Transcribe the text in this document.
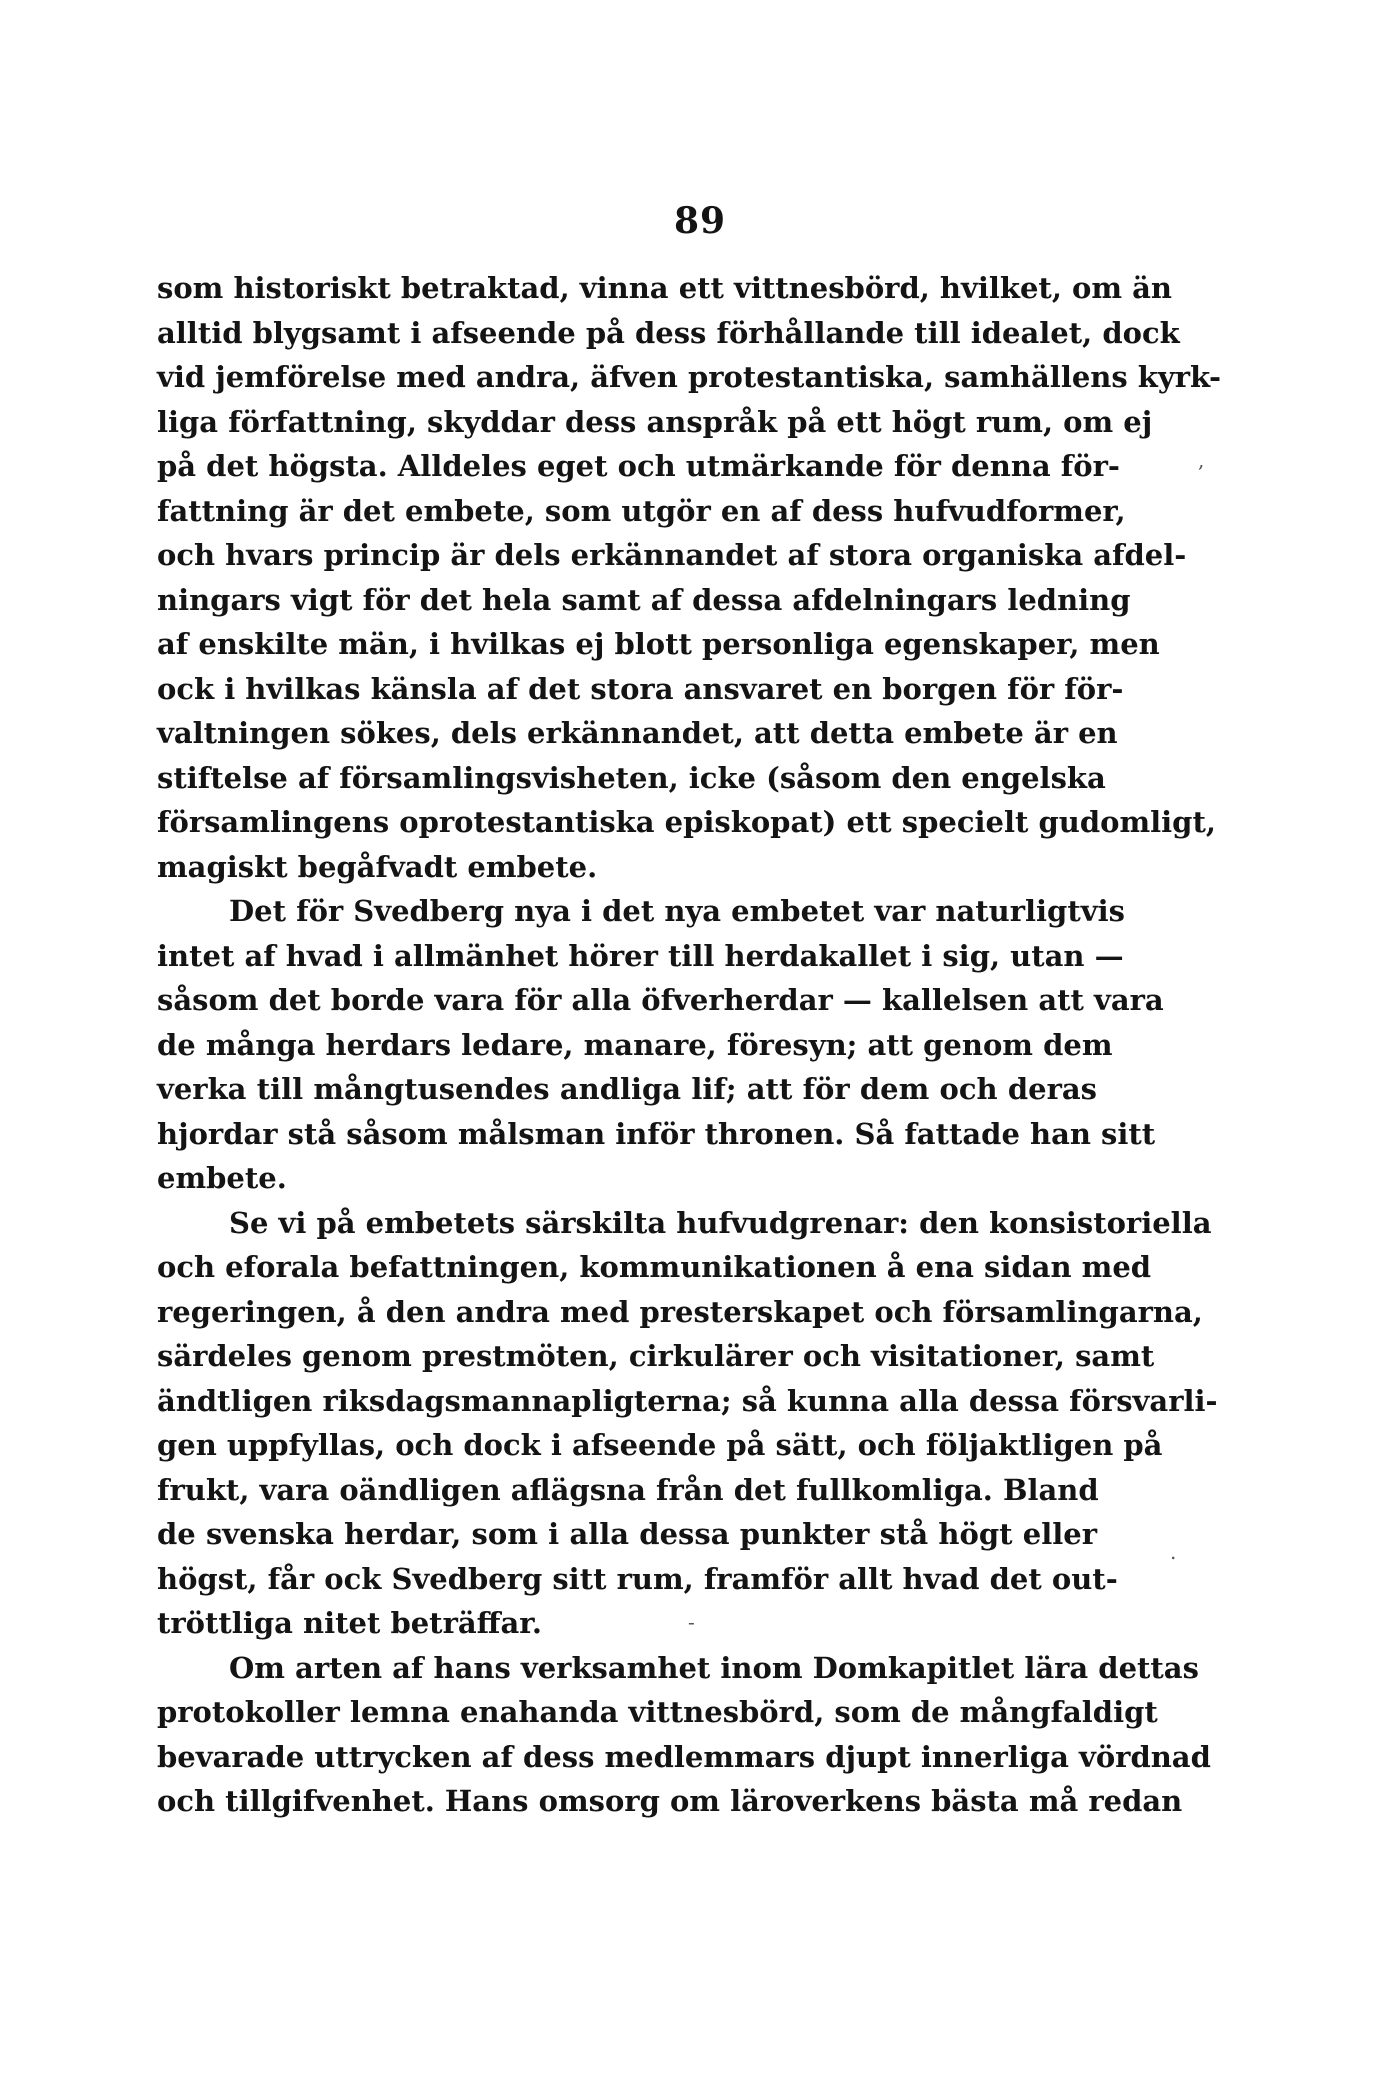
89
som historiskt betraktad, vinna ett vittnesbörd, hvilket, om än
alltid blygsamt i afseende på dess förhållande till idealet, dock
vid jemförelse med andra, äfven protestantiska, samhällens kyrk-
liga författning, skyddar dess anspråk på ett högt rum, om ej
på det högsta. Alldeles eget och utmärkande för denna för-
fattning är det embete, som utgör en af dess hufvudformer,
och hvars princip är dels erkännandet af stora organiska afdel-
ningars vigt för det hela samt af dessa afdelningars ledning
af enskilte män, i hvilkas ej blott personliga egenskaper, men
ock i hvilkas känsla af det stora ansvaret en borgen för för-
valtningen sökes, dels erkännandet, att detta embete är en
stiftelse af församlingsvisheten, icke (såsom den engelska
församlingens oprotestantiska episkopat) ett specielt gudomligt,
magiskt begåfvadt embete.
Det för Svedberg nya i det nya embetet var naturligtvis
intet af hvad i allmänhet hörer till herdakallet i sig, utan —
såsom det borde vara för alla öfverherdar — kallelsen att vara
de många herdars ledare, manare, föresyn; att genom dem
verka till mångtusendes andliga lif; att för dem och deras
hjordar stå såsom målsman inför thronen. Så fattade han sitt
embete.
Se vi på embetets särskilta hufvudgrenar: den konsistoriella
och eforala befattningen, kommunikationen å ena sidan med
regeringen, å den andra med presterskapet och församlingarna,
särdeles genom prestmöten, cirkulärer och visitationer, samt
ändtligen riksdagsmannapligterna; så kunna alla dessa försvarli-
gen uppfyllas, och dock i afseende på sätt, och följaktligen på
frukt, vara oändligen aflägsna från det fullkomliga. Bland
de svenska herdar, som i alla dessa punkter stå högt eller
högst, får ock Svedberg sitt rum, framför allt hvad det out-
tröttliga nitet beträffar.
Om arten af hans verksamhet inom Domkapitlet lära dettas
protokoller lemna enahanda vittnesbörd, som de mångfaldigt
bevarade uttrycken af dess medlemmars djupt innerliga vördnad
och tillgifvenhet. Hans omsorg om läroverkens bästa må redan
,
.
-
